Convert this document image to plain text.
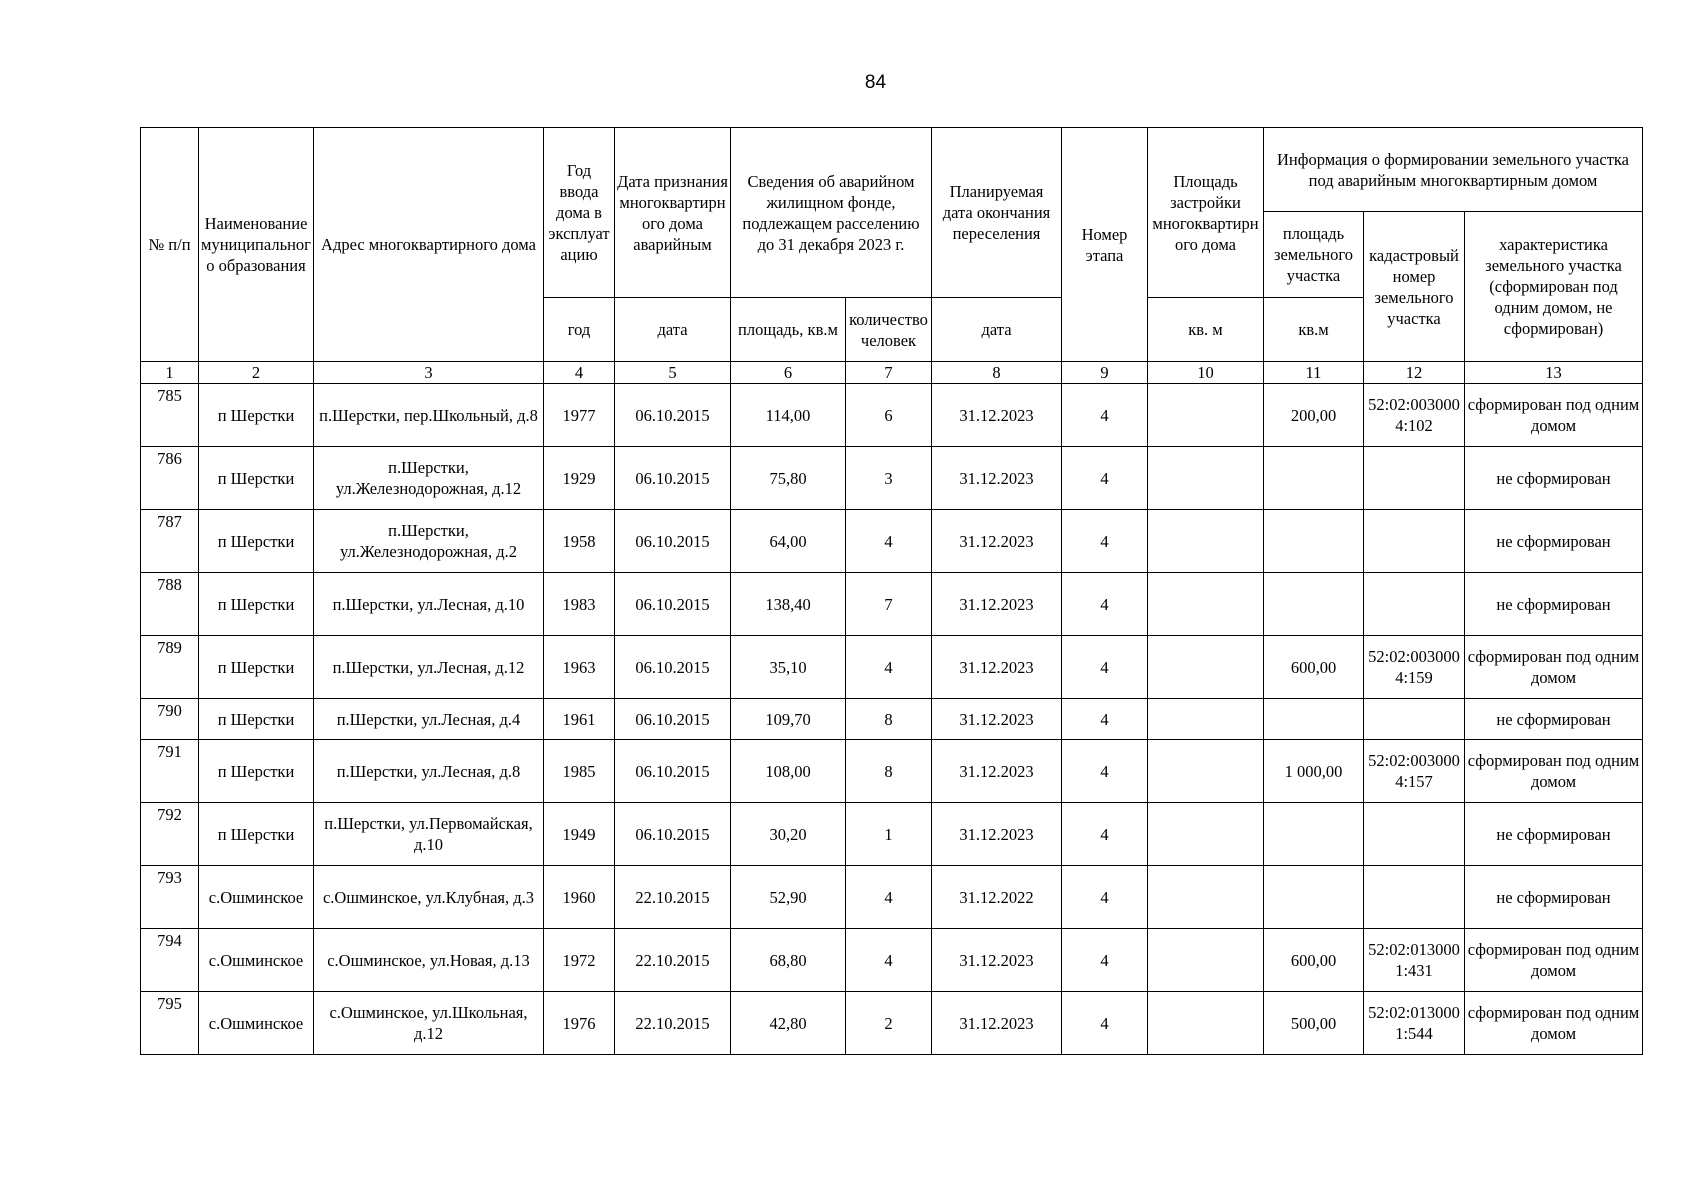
84
№ п/п	Наименование муниципального образования	Адрес многоквартирного дома	Год ввода дома в эксплуатацию	Дата признания многоквартирного дома аварийным	Сведения об аварийном жилищном фонде, подлежащем расселению до 31 декабря 2023 г.		Планируемая дата окончания переселения	Номер этапа	Площадь застройки многоквартирного дома	Информация о формировании земельного участка под аварийным многоквартирным домом		
										площадь земельного участка	кадастровый номер земельного участка	характеристика земельного участка (сформирован под одним домом, не сформирован)
			год	дата	площадь, кв.м	количество человек	дата		кв. м	кв.м		
1	2	3	4	5	6	7	8	9	10	11	12	13
785	п Шерстки	п.Шерстки, пер.Школьный, д.8	1977	06.10.2015	114,00	6	31.12.2023	4		200,00	52:02:0030004:102	сформирован под одним домом
786	п Шерстки	п.Шерстки, ул.Железнодорожная, д.12	1929	06.10.2015	75,80	3	31.12.2023	4				не сформирован
787	п Шерстки	п.Шерстки, ул.Железнодорожная, д.2	1958	06.10.2015	64,00	4	31.12.2023	4				не сформирован
788	п Шерстки	п.Шерстки, ул.Лесная, д.10	1983	06.10.2015	138,40	7	31.12.2023	4				не сформирован
789	п Шерстки	п.Шерстки, ул.Лесная, д.12	1963	06.10.2015	35,10	4	31.12.2023	4		600,00	52:02:0030004:159	сформирован под одним домом
790	п Шерстки	п.Шерстки, ул.Лесная, д.4	1961	06.10.2015	109,70	8	31.12.2023	4				не сформирован
791	п Шерстки	п.Шерстки, ул.Лесная, д.8	1985	06.10.2015	108,00	8	31.12.2023	4		1 000,00	52:02:0030004:157	сформирован под одним домом
792	п Шерстки	п.Шерстки, ул.Первомайская, д.10	1949	06.10.2015	30,20	1	31.12.2023	4				не сформирован
793	с.Ошминское	с.Ошминское, ул.Клубная, д.3	1960	22.10.2015	52,90	4	31.12.2022	4				не сформирован
794	с.Ошминское	с.Ошминское, ул.Новая, д.13	1972	22.10.2015	68,80	4	31.12.2023	4		600,00	52:02:0130001:431	сформирован под одним домом
795	с.Ошминское	с.Ошминское, ул.Школьная, д.12	1976	22.10.2015	42,80	2	31.12.2023	4		500,00	52:02:0130001:544	сформирован под одним домом
